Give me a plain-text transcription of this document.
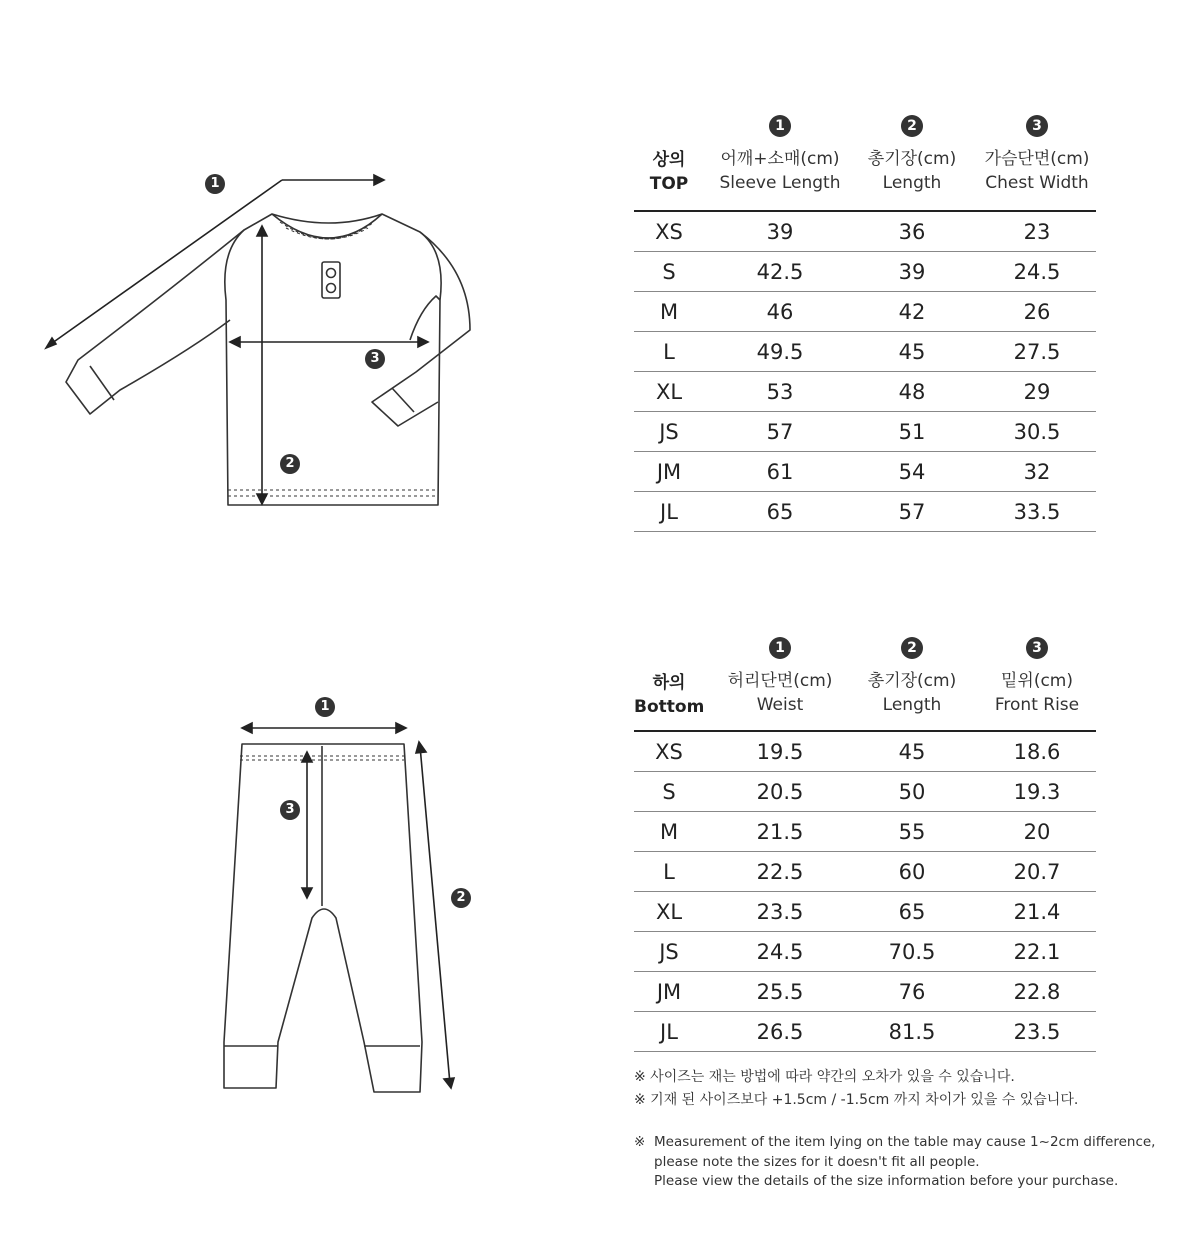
1
2
3
1
3
2
상의
TOP
1
어깨+소매(cm)
Sleeve Length
2
총기장(cm)
Length
3
가슴단면(cm)
Chest Width
XS	39	36	23
S	42.5	39	24.5
M	46	42	26
L	49.5	45	27.5
XL	53	48	29
JS	57	51	30.5
JM	61	54	32
JL	65	57	33.5
하의
Bottom
1
허리단면(cm)
Weist
2
총기장(cm)
Length
3
밑위(cm)
Front Rise
XS	19.5	45	18.6
S	20.5	50	19.3
M	21.5	55	20
L	22.5	60	20.7
XL	23.5	65	21.4
JS	24.5	70.5	22.1
JM	25.5	76	22.8
JL	26.5	81.5	23.5
※ 사이즈는 재는 방법에 따라 약간의 오차가 있을 수 있습니다.
※ 기재 된 사이즈보다 +1.5cm / -1.5cm 까지 차이가 있을 수 있습니다.
※ Measurement of the item lying on the table may cause 1~2cm difference,
please note the sizes for it doesn't fit all people.
Please view the details of the size information before your purchase.
